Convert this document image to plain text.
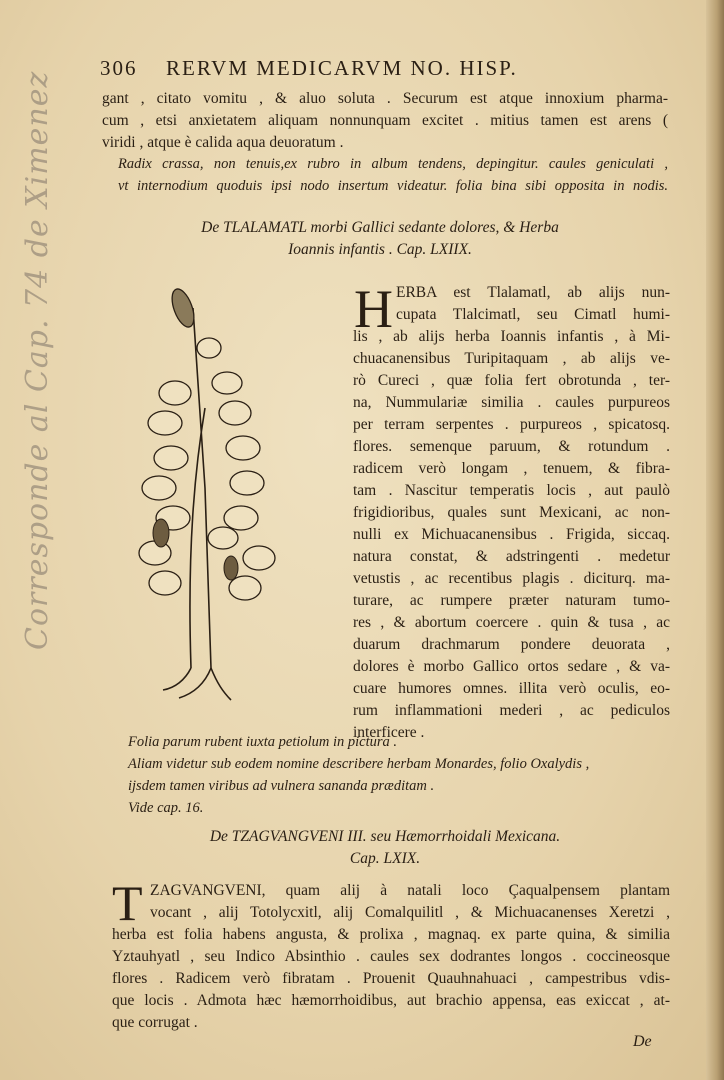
306 RERVM MEDICARVM NO. HISP.
Corresponde al Cap. 74 de Ximenez	gant , citato vomitu , & aluo soluta . Securum est atque innoxium pharma-
cum , etsi anxietatem aliquam nonnunquam excitet . mitius tamen est arens (
viridi , atque è calida aqua deuoratum .
Radix crassa, non tenuis,ex rubro in album tendens, depingitur. caules geniculati ,
vt internodium quoduis ipsi nodo insertum videatur. folia bina sibi opposita in nodis.
De TLALAMATL morbi Gallici sedante dolores, & Herba
Ioannis infantis . Cap. LXIIX.
H ERBA est Tlalamatl, ab alijs nun-
cupata Tlalcimatl, seu Cimatl humi-
lis , ab alijs herba Ioannis infantis , à Mi-
chuacanensibus Turipitaquam , ab alijs ve-
rò Cureci , quæ folia fert obrotunda , ter-
na, Nummulariæ similia . caules purpureos
per terram serpentes . purpureos , spicatosq.
flores. semenque paruum, & rotundum .
radicem verò longam , tenuem, & fibra-
tam . Nascitur temperatis locis , aut paulò
frigidioribus, quales sunt Mexicani, ac non-
nulli ex Michuacanensibus . Frigida, siccaq.
natura constat, & adstringenti . medetur
vetustis , ac recentibus plagis . diciturq. ma-
turare, ac rumpere præter naturam tumo-
res , & abortum coercere . quin & tusa , ac
duarum drachmarum pondere deuorata ,
dolores è morbo Gallico ortos sedare , & va-
cuare humores omnes. illita verò oculis, eo-
rum inflammationi mederi , ac pediculos
interficere .
Folia parum rubent iuxta petiolum in pictura .
Aliam videtur sub eodem nomine describere herbam Monardes, folio Oxalydis ,
ijsdem tamen viribus ad vulnera sananda præditam .
Vide cap. 16.
De TZAGVANGVENI III. seu Hæmorrhoidali Mexicana.
Cap. LXIX.
T ZAGVANGVENI, quam alij à natali loco Çaqualpensem plantam
vocant , alij Totolycxitl, alij Comalquilitl , & Michuacanenses Xeretzi ,
herba est folia habens angusta, & prolixa , magnaq. ex parte quina, & similia
Yztauhyatl , seu Indico Absinthio . caules sex dodrantes longos . coccineosque
flores . Radicem verò fibratam . Prouenit Quauhnahuaci , campestribus vdis-
que locis . Admota hæc hæmorrhoidibus, aut brachio appensa, eas exiccat , at-
que corrugat .
De
